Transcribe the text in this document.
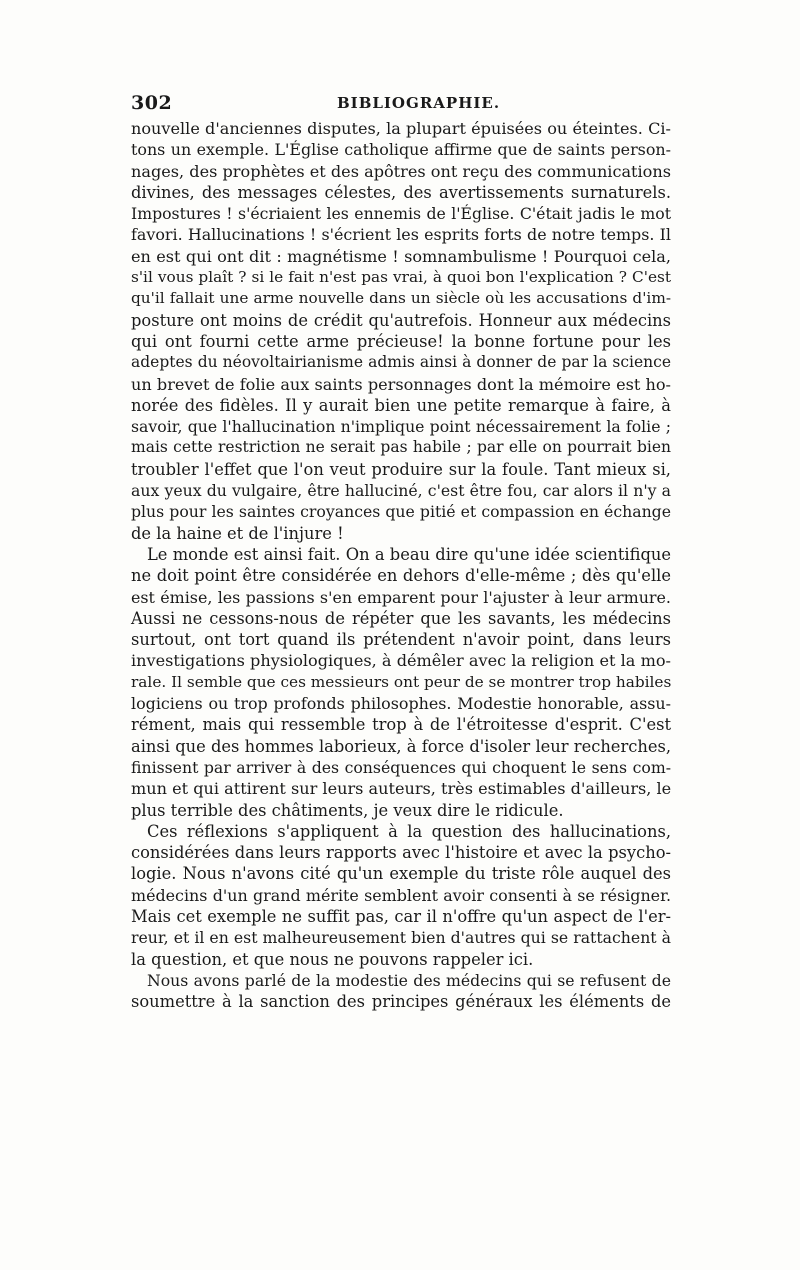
302	BIBLIOGRAPHIE.
nouvelle d'anciennes disputes, la plupart épuisées ou éteintes. Ci-
tons un exemple. L'Église catholique affirme que de saints person-
nages, des prophètes et des apôtres ont reçu des communications
divines, des messages célestes, des avertissements surnaturels.
Impostures ! s'écriaient les ennemis de l'Église. C'était jadis le mot
favori. Hallucinations ! s'écrient les esprits forts de notre temps. Il
en est qui ont dit : magnétisme ! somnambulisme ! Pourquoi cela,
s'il vous plaît ? si le fait n'est pas vrai, à quoi bon l'explication ? C'est
qu'il fallait une arme nouvelle dans un siècle où les accusations d'im-
posture ont moins de crédit qu'autrefois. Honneur aux médecins
qui ont fourni cette arme précieuse! la bonne fortune pour les
adeptes du néovoltairianisme admis ainsi à donner de par la science
un brevet de folie aux saints personnages dont la mémoire est ho-
norée des fidèles. Il y aurait bien une petite remarque à faire, à
savoir, que l'hallucination n'implique point nécessairement la folie ;
mais cette restriction ne serait pas habile ; par elle on pourrait bien
troubler l'effet que l'on veut produire sur la foule. Tant mieux si,
aux yeux du vulgaire, être halluciné, c'est être fou, car alors il n'y a
plus pour les saintes croyances que pitié et compassion en échange
de la haine et de l'injure !
Le monde est ainsi fait. On a beau dire qu'une idée scientifique
ne doit point être considérée en dehors d'elle-même ; dès qu'elle
est émise, les passions s'en emparent pour l'ajuster à leur armure.
Aussi ne cessons-nous de répéter que les savants, les médecins
surtout, ont tort quand ils prétendent n'avoir point, dans leurs
investigations physiologiques, à démêler avec la religion et la mo-
rale. Il semble que ces messieurs ont peur de se montrer trop habiles
logiciens ou trop profonds philosophes. Modestie honorable, assu-
rément, mais qui ressemble trop à de l'étroitesse d'esprit. C'est
ainsi que des hommes laborieux, à force d'isoler leur recherches,
finissent par arriver à des conséquences qui choquent le sens com-
mun et qui attirent sur leurs auteurs, très estimables d'ailleurs, le
plus terrible des châtiments, je veux dire le ridicule.
Ces réflexions s'appliquent à la question des hallucinations,
considérées dans leurs rapports avec l'histoire et avec la psycho-
logie. Nous n'avons cité qu'un exemple du triste rôle auquel des
médecins d'un grand mérite semblent avoir consenti à se résigner.
Mais cet exemple ne suffit pas, car il n'offre qu'un aspect de l'er-
reur, et il en est malheureusement bien d'autres qui se rattachent à
la question, et que nous ne pouvons rappeler ici.
Nous avons parlé de la modestie des médecins qui se refusent de
soumettre à la sanction des principes généraux les éléments de
